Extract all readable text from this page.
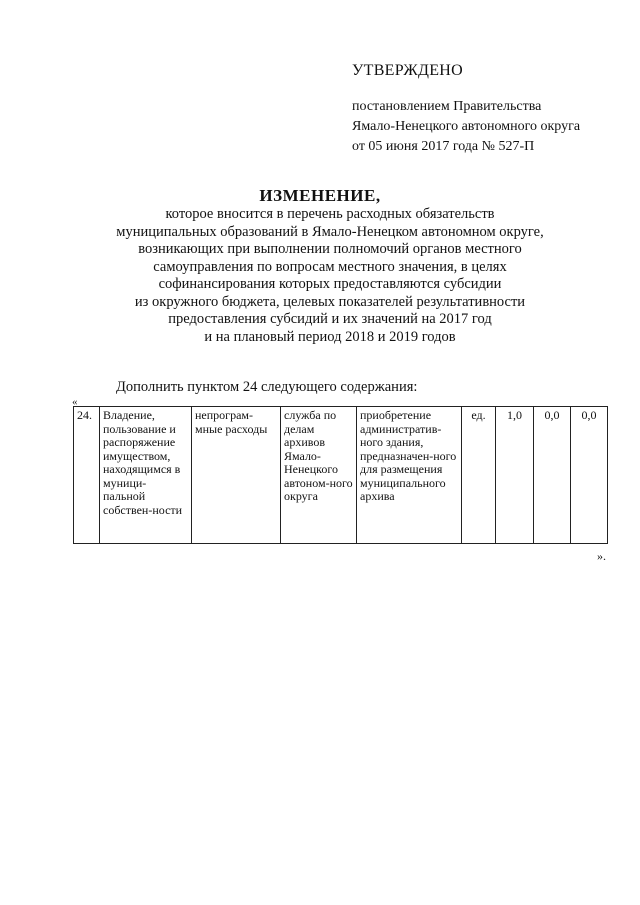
УТВЕРЖДЕНО
постановлением Правительства
Ямало-Ненецкого автономного округа
от 05 июня 2017 года № 527-П
ИЗМЕНЕНИЕ,
которое вносится в перечень расходных обязательств
муниципальных образований в Ямало-Ненецком автономном округе,
возникающих при выполнении полномочий органов местного
самоуправления по вопросам местного значения, в целях
софинансирования которых предоставляются субсидии
из окружного бюджета, целевых показателей результативности
предоставления субсидий и их значений на 2017 год
и на плановый период 2018 и 2019 годов
Дополнить пунктом 24 следующего содержания:
«
24.	Владение, пользование и распоряжение имуществом, находящимся в муници-пальной собствен-ности	непрограм-мные расходы	служба по делам архивов Ямало-Ненецкого автоном-ного округа	приобретение административ-ного здания, предназначен-ного для размещения муниципального архива	ед.	1,0	0,0	0,0
».
